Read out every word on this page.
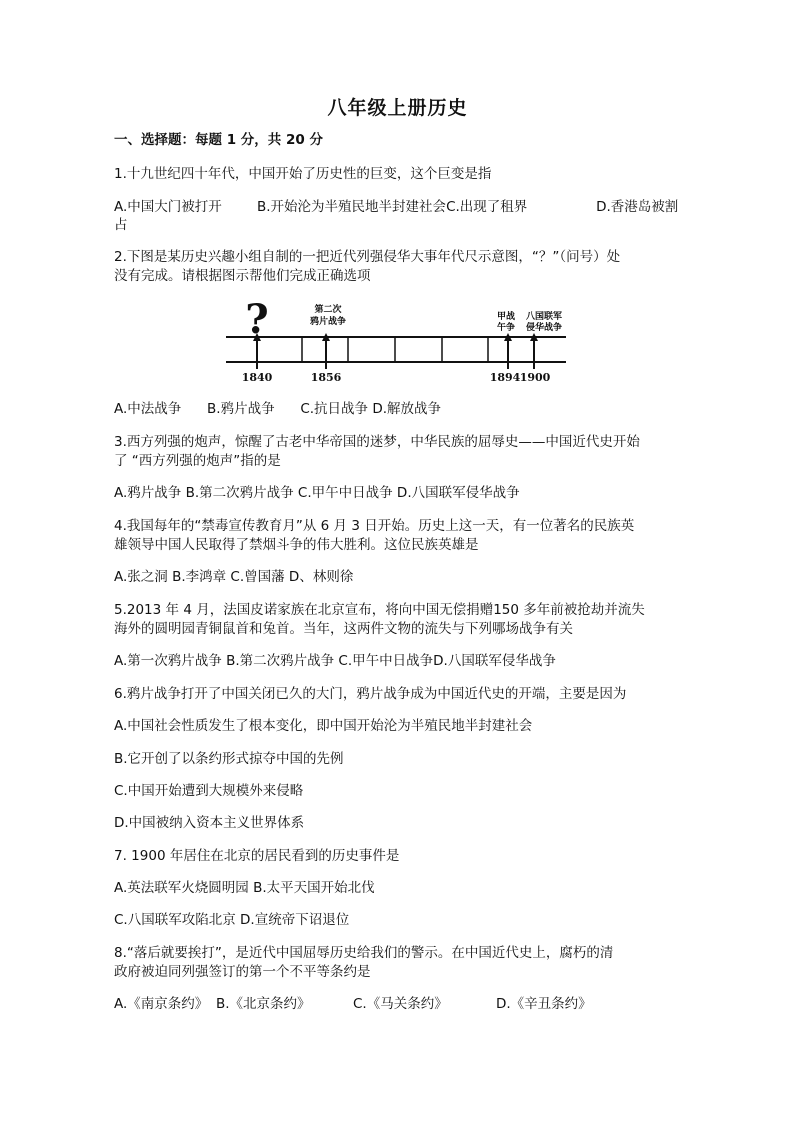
八年级上册历史
一、选择题：每题 1 分，共 20 分
1.十九世纪四十年代，中国开始了历史性的巨变，这个巨变是指
A.中国大门被打开	B.开始沦为半殖民地半封建社会C.出现了租界	D.香港岛被割
占
2.下图是某历史兴趣小组自制的一把近代列强侵华大事年代尺示意图，“？”（问号）处
没有完成。请根据图示帮他们完成正确选项
?	第二次
鸦片战争	甲战
午争
八国联军
侵华战争
1840	1856	1894 1900
A.中法战争      B.鸦片战争      C.抗日战争 D.解放战争
3.西方列强的炮声，惊醒了古老中华帝国的迷梦，中华民族的屈辱史——中国近代史开始
了 “西方列强的炮声”指的是
A.鸦片战争 B.第二次鸦片战争 C.甲午中日战争 D.八国联军侵华战争
4.我国每年的“禁毒宣传教育月”从 6 月 3 日开始。历史上这一天，有一位著名的民族英
雄领导中国人民取得了禁烟斗争的伟大胜利。这位民族英雄是
A.张之洞 B.李鸿章 C.曾国藩 D、林则徐
5.2013 年 4 月，法国皮诺家族在北京宣布，将向中国无偿捐赠150 多年前被抢劫并流失
海外的圆明园青铜鼠首和兔首。当年，这两件文物的流失与下列哪场战争有关
A.第一次鸦片战争 B.第二次鸦片战争 C.甲午中日战争D.八国联军侵华战争
6.鸦片战争打开了中国关闭已久的大门，鸦片战争成为中国近代史的开端，主要是因为
A.中国社会性质发生了根本变化，即中国开始沦为半殖民地半封建社会
B.它开创了以条约形式掠夺中国的先例
C.中国开始遭到大规模外来侵略
D.中国被纳入资本主义世界体系
7. 1900 年居住在北京的居民看到的历史事件是
A.英法联军火烧圆明园 B.太平天国开始北伐
C.八国联军攻陷北京 D.宣统帝下诏退位
8.“落后就要挨打”，是近代中国屈辱历史给我们的警示。在中国近代史上，腐朽的清
政府被迫同列强签订的第一个不平等条约是
A.《南京条约》 B.《北京条约》	C.《马关条约》	D.《辛丑条约》
